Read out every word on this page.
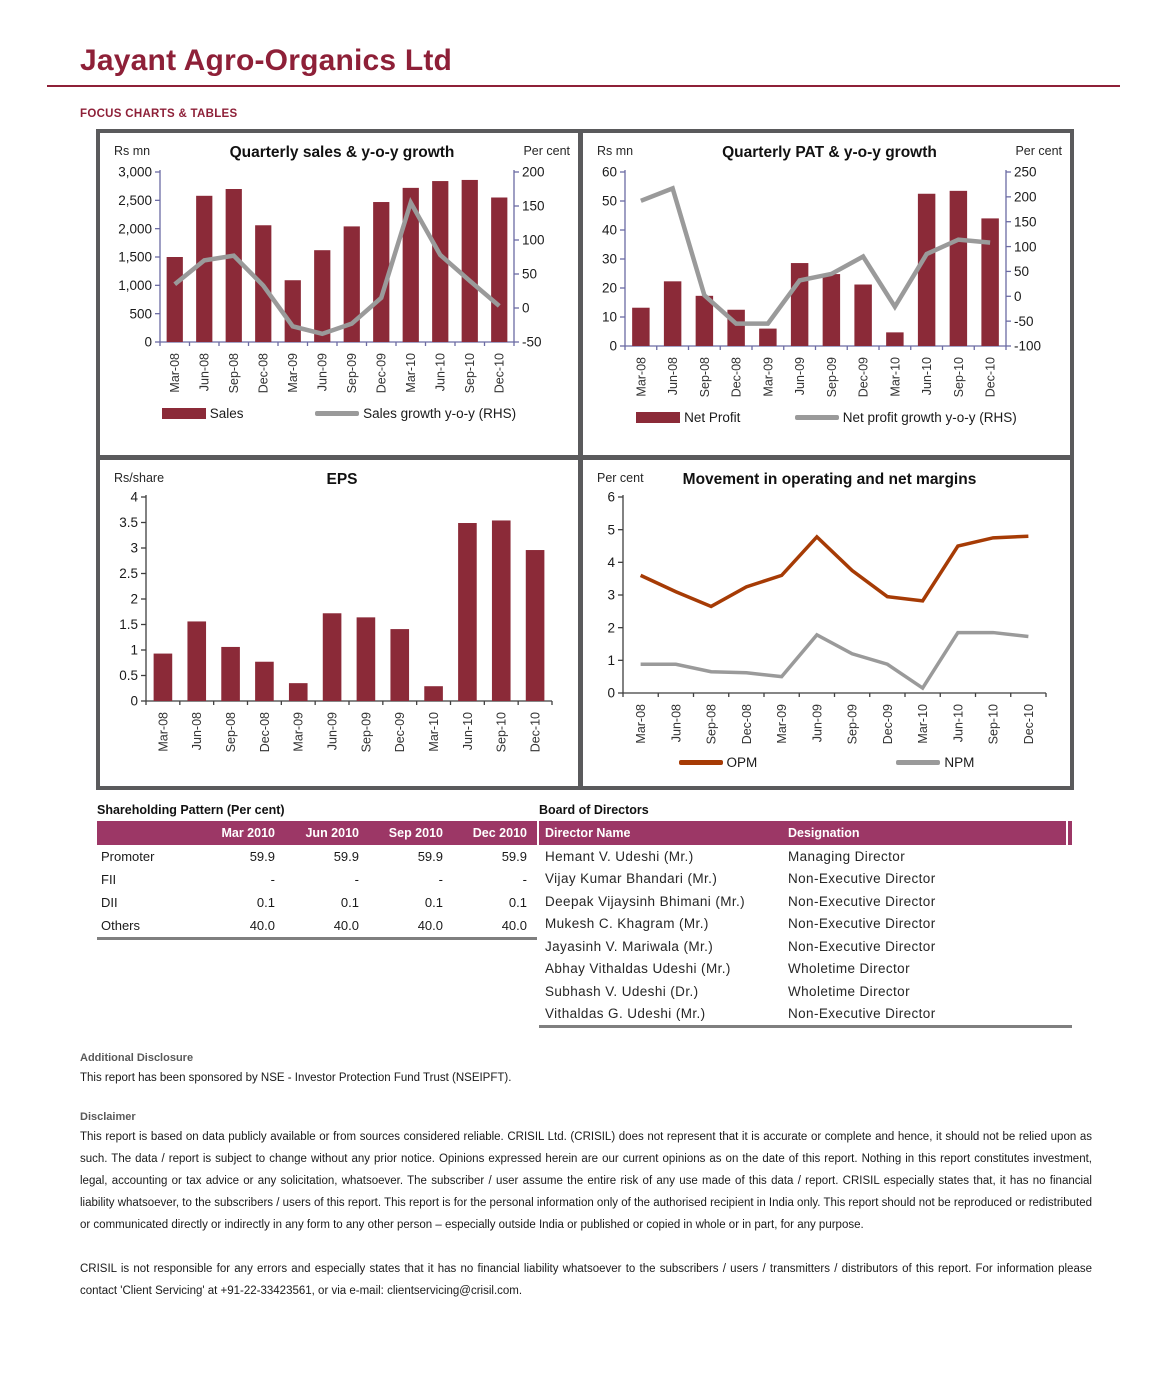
Jayant Agro-Organics Ltd
FOCUS CHARTS & TABLES
Rs mn	Quarterly sales & y-o-y growth	Per cent
0
500
1,000
1,500
2,000
2,500
3,000
-50
0
50
100
150
200
Mar-08 Jun-08 Sep-08 Dec-08 Mar-09 Jun-09 Sep-09 Dec-09 Mar-10 Jun-10 Sep-10 Dec-10
Sales	Sales growth y-o-y (RHS)
Rs mn	Quarterly PAT & y-o-y growth	Per cent
0
10
20
30
40
50
60
-100
-50
0
50
100
150
200
250
Mar-08 Jun-08 Sep-08 Dec-08 Mar-09 Jun-09 Sep-09 Dec-09 Mar-10 Jun-10 Sep-10 Dec-10
Net Profit	Net profit growth y-o-y (RHS)
Rs/share	EPS
0
0.5
1
1.5
2
2.5
3
3.5
4
Mar-08 Jun-08 Sep-08 Dec-08 Mar-09 Jun-09 Sep-09 Dec-09 Mar-10 Jun-10 Sep-10 Dec-10
Per cent	Movement in operating and net margins
0
1
2
3
4
5
6
Mar-08 Jun-08 Sep-08 Dec-08 Mar-09 Jun-09 Sep-09 Dec-09 Mar-10 Jun-10 Sep-10 Dec-10
OPM	NPM
Shareholding Pattern (Per cent)
Mar 2010	Jun 2010	Sep 2010	Dec 2010
Promoter	59.9	59.9	59.9	59.9
FII	-	-	-	-
DII	0.1	0.1	0.1	0.1
Others	40.0	40.0	40.0	40.0
Board of Directors
Director Name	Designation
Hemant V. Udeshi (Mr.)	Managing Director
Vijay Kumar Bhandari (Mr.)	Non-Executive Director
Deepak Vijaysinh Bhimani (Mr.)	Non-Executive Director
Mukesh C. Khagram (Mr.)	Non-Executive Director
Jayasinh V. Mariwala (Mr.)	Non-Executive Director
Abhay Vithaldas Udeshi (Mr.)	Wholetime Director
Subhash V. Udeshi (Dr.)	Wholetime Director
Vithaldas G. Udeshi (Mr.)	Non-Executive Director
Additional Disclosure
This report has been sponsored by NSE - Investor Protection Fund Trust (NSEIPFT).
Disclaimer
This report is based on data publicly available or from sources considered reliable. CRISIL Ltd. (CRISIL) does not represent that it is accurate or complete and hence, it should not be relied upon as such. The data / report is subject to change without any prior notice. Opinions expressed herein are our current opinions as on the date of this report. Nothing in this report constitutes investment, legal, accounting or tax advice or any solicitation, whatsoever. The subscriber / user assume the entire risk of any use made of this data / report. CRISIL especially states that, it has no financial liability whatsoever, to the subscribers / users of this report. This report is for the personal information only of the authorised recipient in India only. This report should not be reproduced or redistributed or communicated directly or indirectly in any form to any other person – especially outside India or published or copied in whole or in part, for any purpose.
CRISIL is not responsible for any errors and especially states that it has no financial liability whatsoever to the subscribers / users / transmitters / distributors of this report. For information please contact 'Client Servicing' at +91-22-33423561, or via e-mail: clientservicing@crisil.com.
